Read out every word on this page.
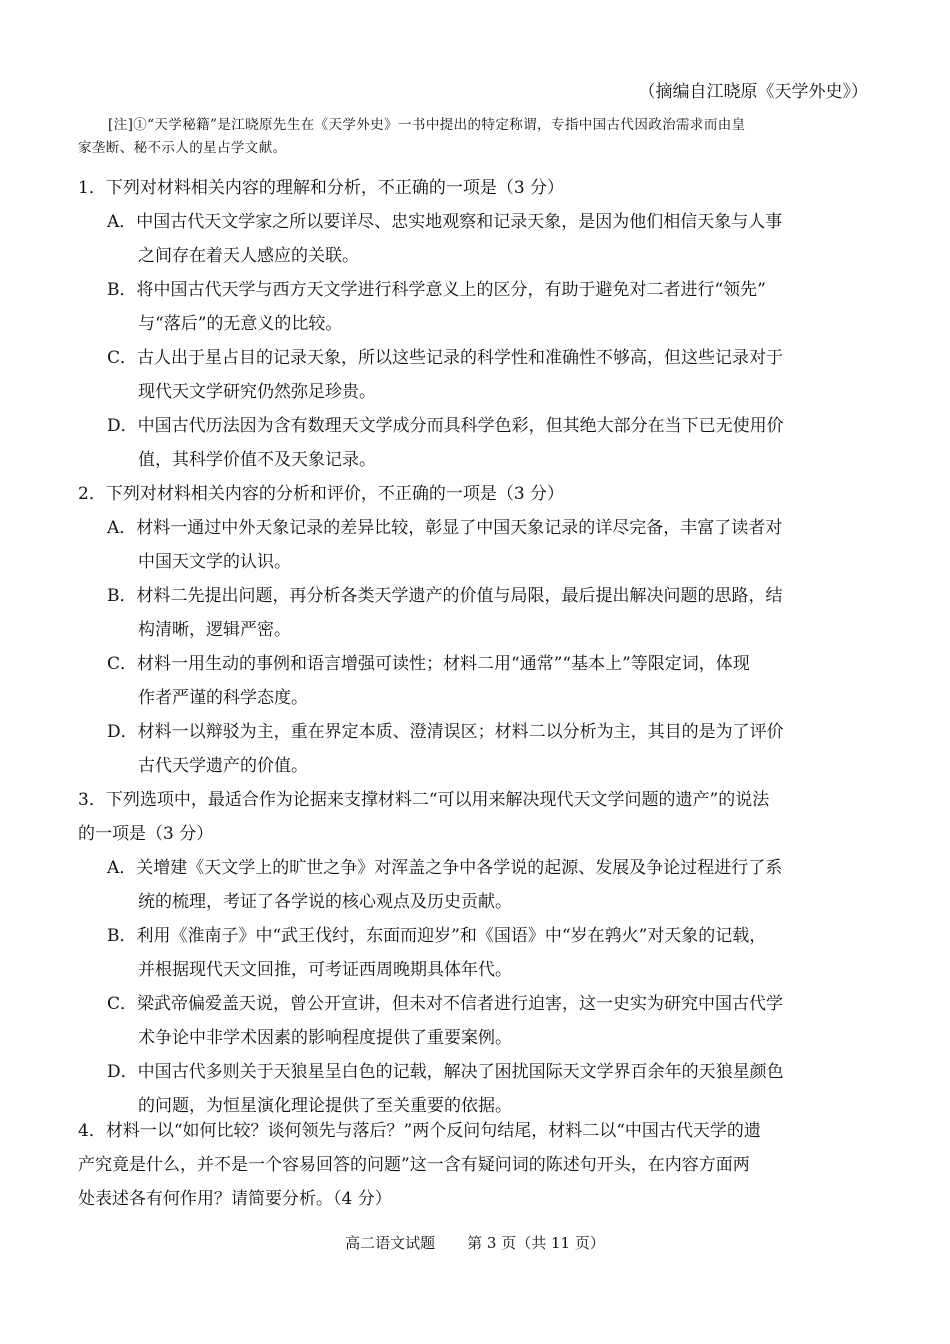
（摘编自江晓原《天学外史》）
[注]①“天学秘籍”是江晓原先生在《天学外史》一书中提出的特定称谓，专指中国古代因政治需求而由皇
家垄断、秘不示人的星占学文献。
1．下列对材料相关内容的理解和分析，不正确的一项是（3 分）
A．中国古代天文学家之所以要详尽、忠实地观察和记录天象，是因为他们相信天象与人事
之间存在着天人感应的关联。
B．将中国古代天学与西方天文学进行科学意义上的区分，有助于避免对二者进行“领先”
与“落后”的无意义的比较。
C．古人出于星占目的记录天象，所以这些记录的科学性和准确性不够高，但这些记录对于
现代天文学研究仍然弥足珍贵。
D．中国古代历法因为含有数理天文学成分而具科学色彩，但其绝大部分在当下已无使用价
值，其科学价值不及天象记录。
2．下列对材料相关内容的分析和评价，不正确的一项是（3 分）
A．材料一通过中外天象记录的差异比较，彰显了中国天象记录的详尽完备，丰富了读者对
中国天文学的认识。
B．材料二先提出问题，再分析各类天学遗产的价值与局限，最后提出解决问题的思路，结
构清晰，逻辑严密。
C．材料一用生动的事例和语言增强可读性；材料二用“通常”“基本上”等限定词，体现
作者严谨的科学态度。
D．材料一以辩驳为主，重在界定本质、澄清误区；材料二以分析为主，其目的是为了评价
古代天学遗产的价值。
3．下列选项中，最适合作为论据来支撑材料二“可以用来解决现代天文学问题的遗产”的说法
的一项是（3 分）
A．关增建《天文学上的旷世之争》对浑盖之争中各学说的起源、发展及争论过程进行了系
统的梳理，考证了各学说的核心观点及历史贡献。
B．利用《淮南子》中“武王伐纣，东面而迎岁”和《国语》中“岁在鹑火”对天象的记载，
并根据现代天文回推，可考证西周晚期具体年代。
C．梁武帝偏爱盖天说，曾公开宣讲，但未对不信者进行迫害，这一史实为研究中国古代学
术争论中非学术因素的影响程度提供了重要案例。
D．中国古代多则关于天狼星呈白色的记载，解决了困扰国际天文学界百余年的天狼星颜色
的问题，为恒星演化理论提供了至关重要的依据。
4．材料一以“如何比较？谈何领先与落后？”两个反问句结尾，材料二以“中国古代天学的遗
产究竟是什么，并不是一个容易回答的问题”这一含有疑问词的陈述句开头，在内容方面两
处表述各有何作用？请简要分析。（4 分）
高二语文试题 第 3 页（共 11 页）
